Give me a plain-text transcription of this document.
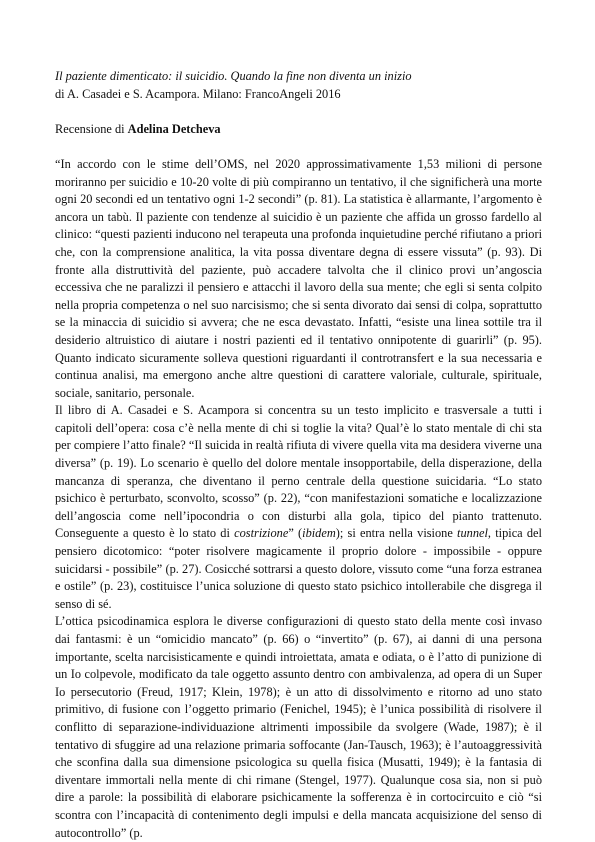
Il paziente dimenticato: il suicidio. Quando la fine non diventa un inizio

di A. Casadei e S. Acampora. Milano: FrancoAngeli 2016

Recensione di Adelina Detcheva

“In accordo con le stime dell’OMS, nel 2020 approssimativamente 1,53 milioni di persone moriranno per suicidio e 10-20 volte di più compiranno un tentativo, il che significherà una morte ogni 20 secondi ed un tentativo ogni 1-2 secondi” (p. 81). La statistica è allarmante, l’argomento è ancora un tabù. Il paziente con tendenze al suicidio è un paziente che affida un grosso fardello al clinico: “questi pazienti inducono nel terapeuta una profonda inquietudine perché rifiutano a priori che, con la comprensione analitica, la vita possa diventare degna di essere vissuta” (p. 93). Di fronte alla distruttività del paziente, può accadere talvolta che il clinico provi un’angoscia eccessiva che ne paralizzi il pensiero e attacchi il lavoro della sua mente; che egli si senta colpito nella propria competenza o nel suo narcisismo; che si senta divorato dai sensi di colpa, soprattutto se la minaccia di suicidio si avvera; che ne esca devastato. Infatti, “esiste una linea sottile tra il desiderio altruistico di aiutare i nostri pazienti ed il tentativo onnipotente di guarirli” (p. 95). Quanto indicato sicuramente solleva questioni riguardanti il controtransfert e la sua necessaria e continua analisi, ma emergono anche altre questioni di carattere valoriale, culturale, spirituale, sociale, sanitario, personale.

Il libro di A. Casadei e S. Acampora si concentra su un testo implicito e trasversale a tutti i capitoli dell’opera: cosa c’è nella mente di chi si toglie la vita? Qual’è lo stato mentale di chi sta per compiere l’atto finale? “Il suicida in realtà rifiuta di vivere quella vita ma desidera viverne una diversa” (p. 19). Lo scenario è quello del dolore mentale insopportabile, della disperazione, della mancanza di speranza, che diventano il perno centrale della questione suicidaria. “Lo stato psichico è perturbato, sconvolto, scosso” (p. 22), “con manifestazioni somatiche e localizzazione dell’angoscia come nell’ipocondria o con disturbi alla gola, tipico del pianto trattenuto. Conseguente a questo è lo stato di costrizione” (ibidem); si entra nella visione tunnel, tipica del pensiero dicotomico: “poter risolvere magicamente il proprio dolore - impossibile - oppure suicidarsi - possibile” (p. 27). Cosicché sottrarsi a questo dolore, vissuto come “una forza estranea e ostile” (p. 23), costituisce l’unica soluzione di questo stato psichico intollerabile che disgrega il senso di sé.

L’ottica psicodinamica esplora le diverse configurazioni di questo stato della mente così invaso dai fantasmi: è un “omicidio mancato” (p. 66) o “invertito” (p. 67), ai danni di una persona importante, scelta narcisisticamente e quindi introiettata, amata e odiata, o è l’atto di punizione di un Io colpevole, modificato da tale oggetto assunto dentro con ambivalenza, ad opera di un Super Io persecutorio (Freud, 1917; Klein, 1978); è un atto di dissolvimento e ritorno ad uno stato primitivo, di fusione con l’oggetto primario (Fenichel, 1945); è l’unica possibilità di risolvere il conflitto di separazione-individuazione altrimenti impossibile da svolgere (Wade, 1987); è il tentativo di sfuggire ad una relazione primaria soffocante (Jan-Tausch, 1963); è l’autoaggressività che sconfina dalla sua dimensione psicologica su quella fisica (Musatti, 1949); è la fantasia di diventare immortali nella mente di chi rimane (Stengel, 1977). Qualunque cosa sia, non si può dire a parole: la possibilità di elaborare psichicamente la sofferenza è in cortocircuito e ciò “si scontra con l’incapacità di contenimento degli impulsi e della mancata acquisizione del senso di autocontrollo” (p.
